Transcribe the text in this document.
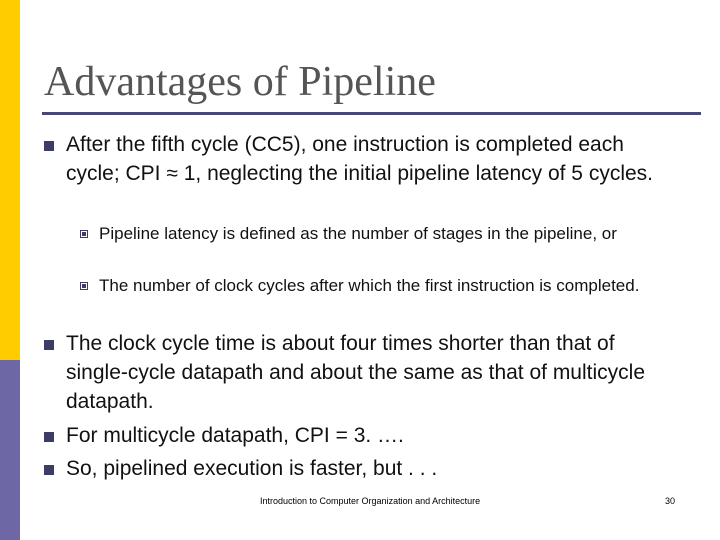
Advantages of Pipeline
After the fifth cycle (CC5), one instruction is completed each cycle; CPI ≈ 1, neglecting the initial pipeline latency of 5 cycles.
Pipeline latency is defined as the number of stages in the pipeline, or
The number of clock cycles after which the first instruction is completed.
The clock cycle time is about four times shorter than that of single-cycle datapath and about the same as that of multicycle datapath.
For multicycle datapath, CPI = 3. ….
So, pipelined execution is faster, but . . .
Introduction to Computer Organization and Architecture	30
